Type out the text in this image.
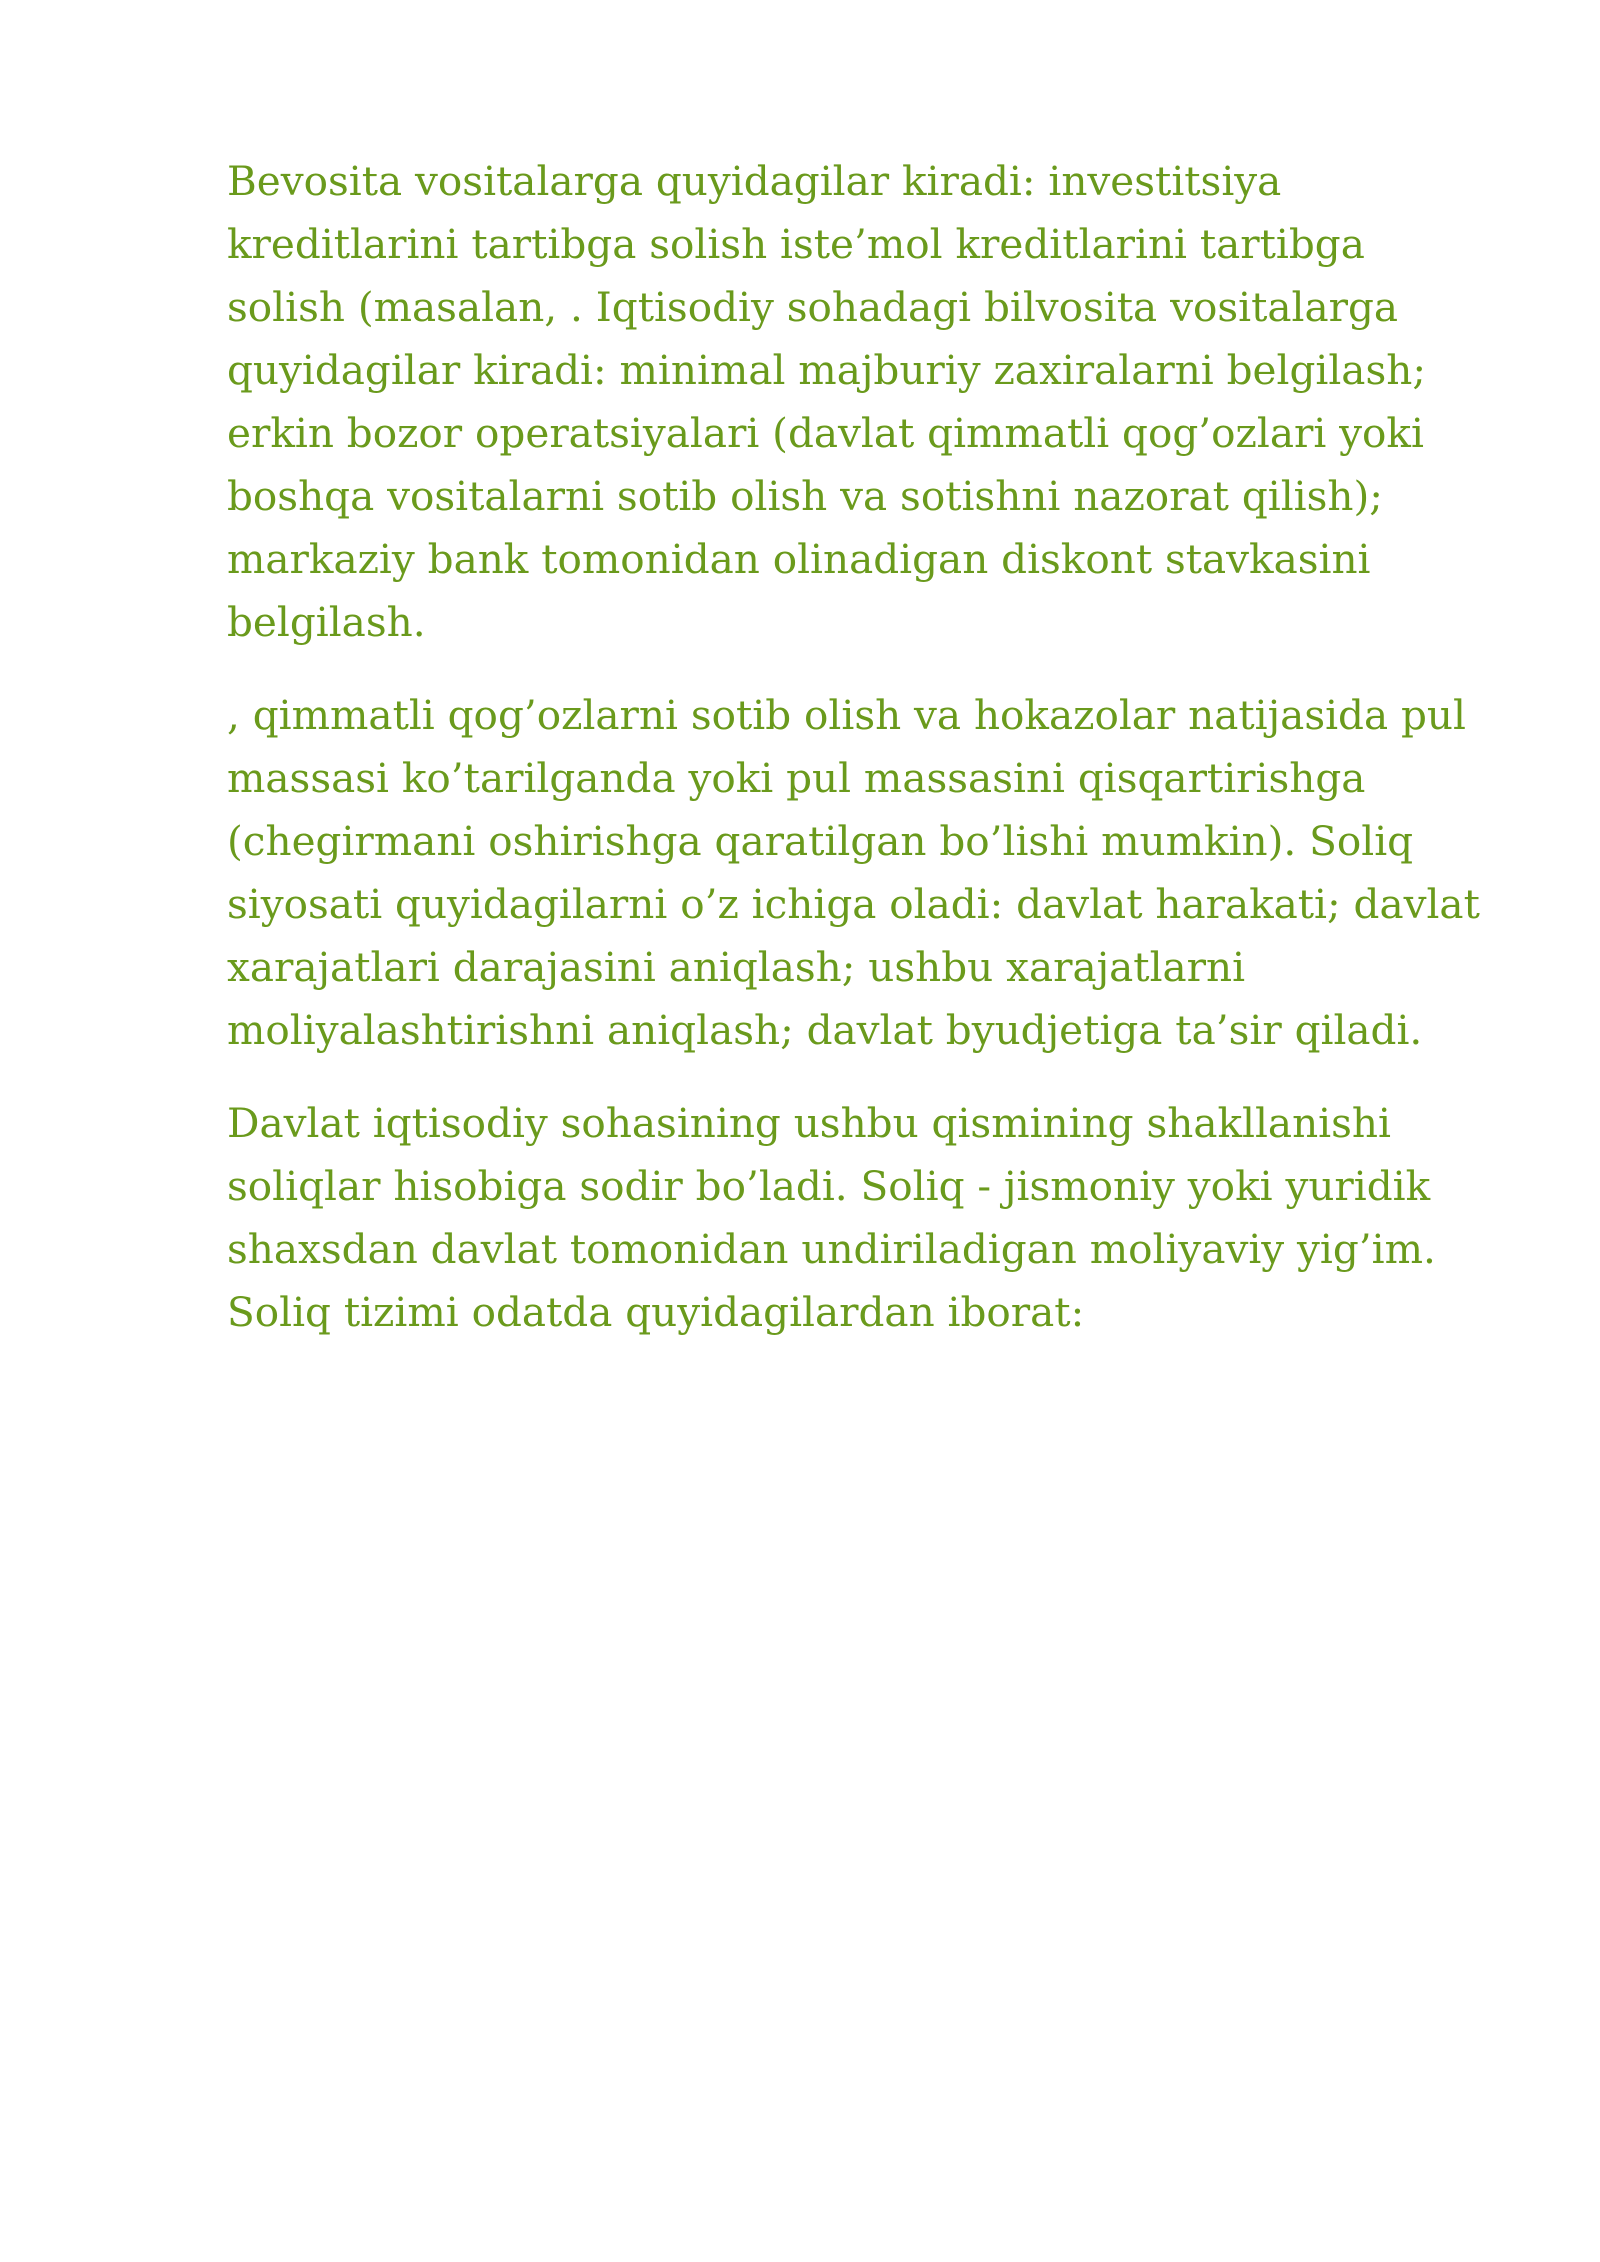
Bevosita vositalarga quyidagilar kiradi: investitsiya
kreditlarini tartibga solish iste’mol kreditlarini tartibga
solish (masalan, . Iqtisodiy sohadagi bilvosita vositalarga
quyidagilar kiradi: minimal majburiy zaxiralarni belgilash;
erkin bozor operatsiyalari (davlat qimmatli qog’ozlari yoki
boshqa vositalarni sotib olish va sotishni nazorat qilish);
markaziy bank tomonidan olinadigan diskont stavkasini
belgilash.

, qimmatli qog’ozlarni sotib olish va hokazolar natijasida pul
massasi ko’tarilganda yoki pul massasini qisqartirishga
(chegirmani oshirishga qaratilgan bo’lishi mumkin). Soliq
siyosati quyidagilarni o’z ichiga oladi: davlat harakati; davlat
xarajatlari darajasini aniqlash; ushbu xarajatlarni
moliyalashtirishni aniqlash; davlat byudjetiga ta’sir qiladi.

Davlat iqtisodiy sohasining ushbu qismining shakllanishi
soliqlar hisobiga sodir bo’ladi. Soliq - jismoniy yoki yuridik
shaxsdan davlat tomonidan undiriladigan moliyaviy yig’im.
Soliq tizimi odatda quyidagilardan iborat:
